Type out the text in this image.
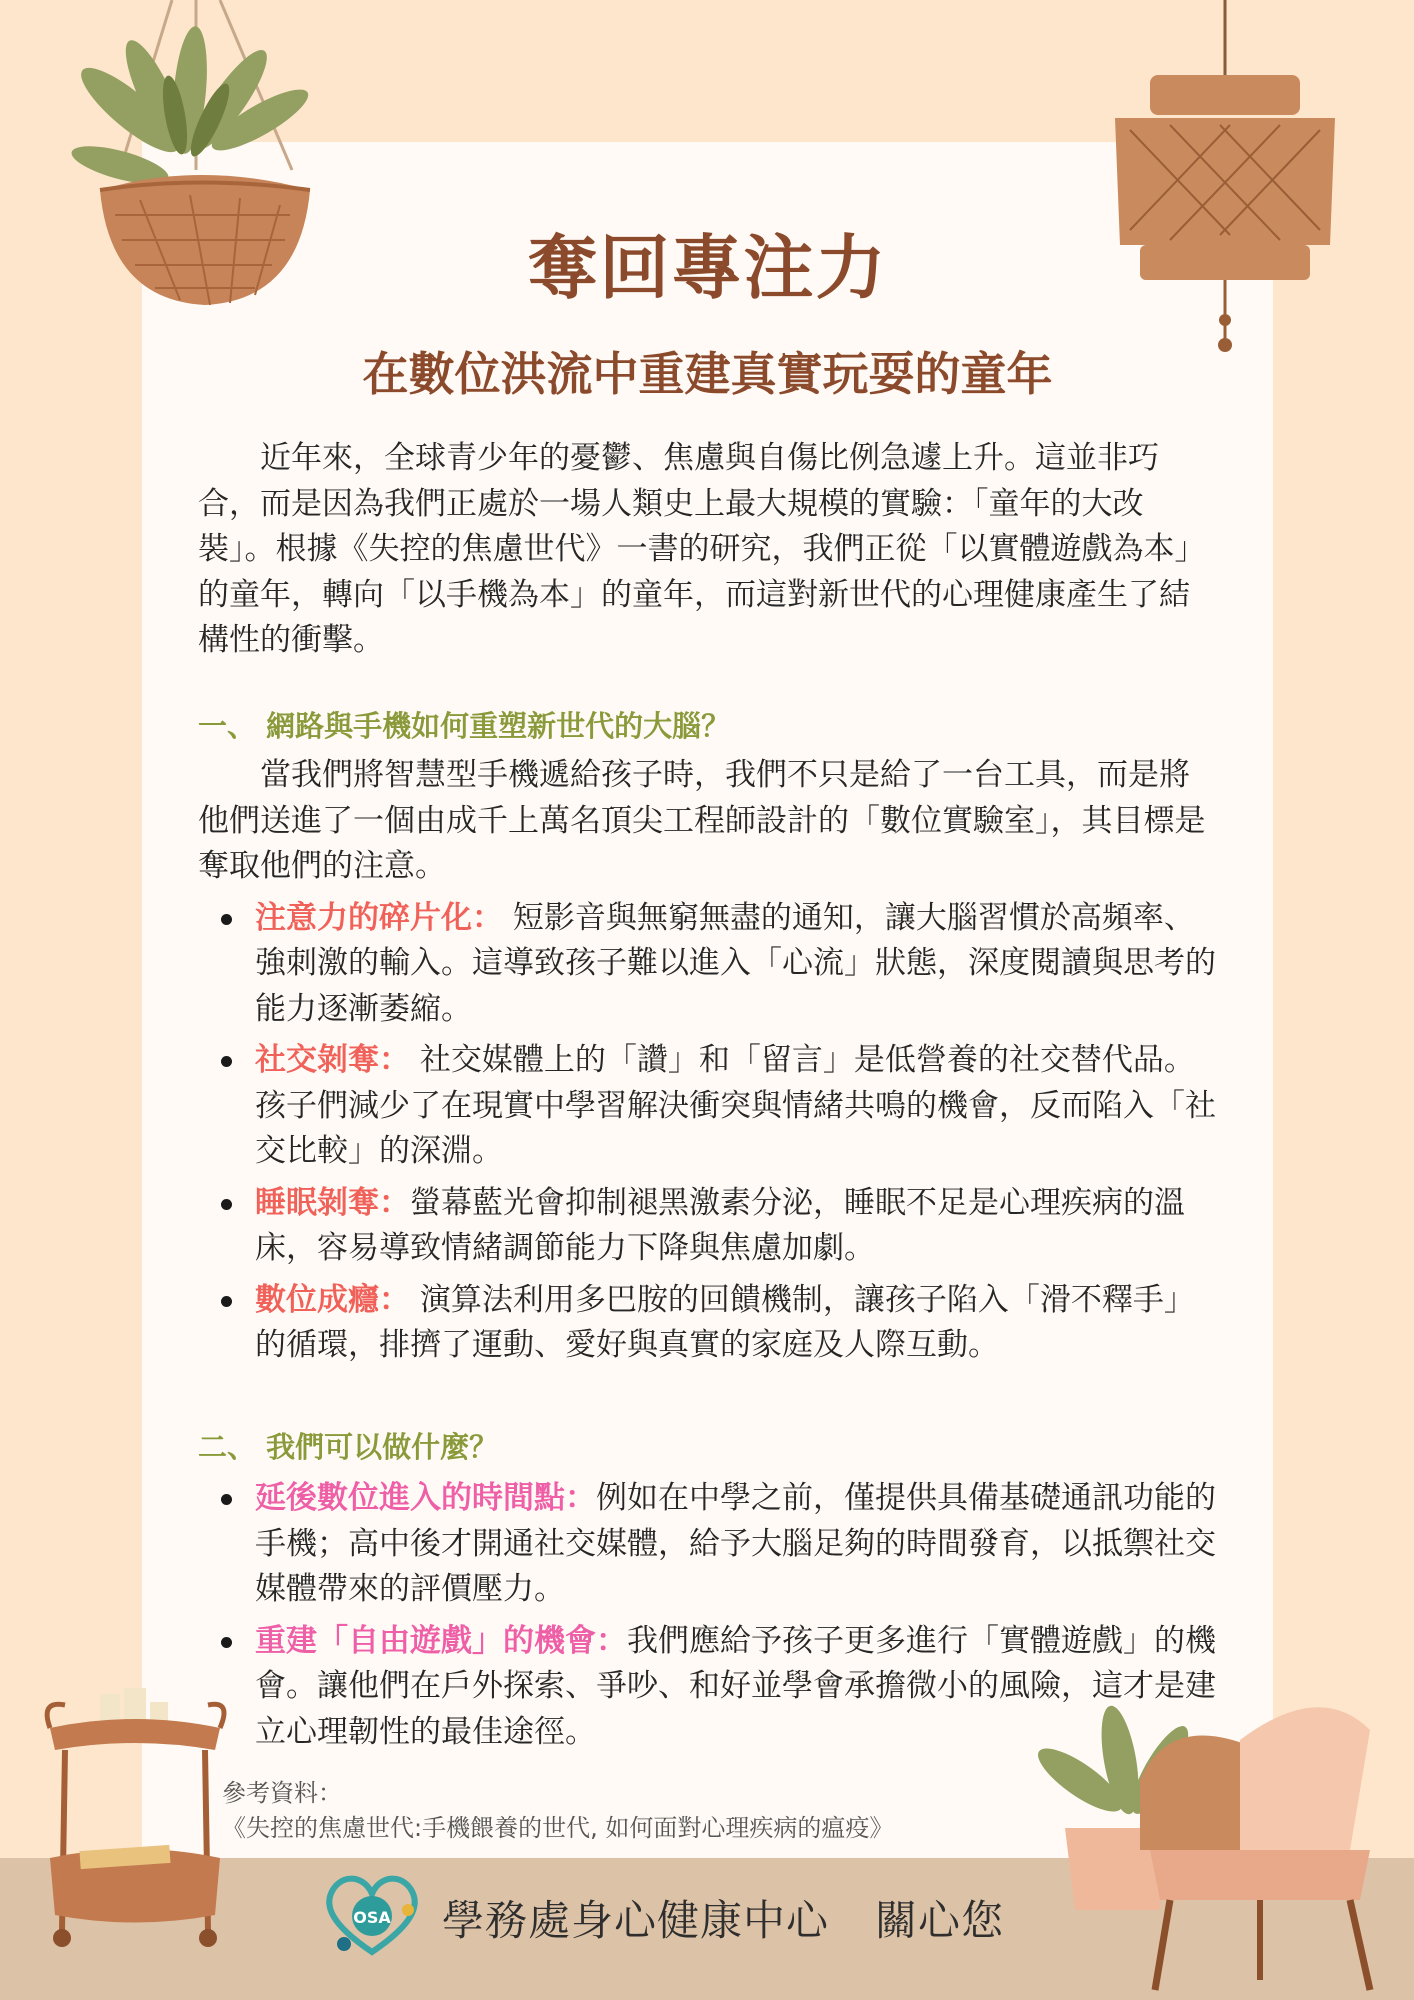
奪回專注力
在數位洪流中重建真實玩耍的童年

近年來，全球青少年的憂鬱、焦慮與自傷比例急遽上升。這並非巧合，而是因為我們正處於一場人類史上最大規模的實驗：「童年的大改裝」。根據《失控的焦慮世代》一書的研究，我們正從「以實體遊戲為本」的童年，轉向「以手機為本」的童年，而這對新世代的心理健康產生了結構性的衝擊。

一、 網路與手機如何重塑新世代的大腦？

當我們將智慧型手機遞給孩子時，我們不只是給了一台工具，而是將他們送進了一個由成千上萬名頂尖工程師設計的「數位實驗室」，其目標是奪取他們的注意。

注意力的碎片化： 短影音與無窮無盡的通知，讓大腦習慣於高頻率、強刺激的輸入。這導致孩子難以進入「心流」狀態，深度閱讀與思考的能力逐漸萎縮。
社交剝奪： 社交媒體上的「讚」和「留言」是低營養的社交替代品。孩子們減少了在現實中學習解決衝突與情緒共鳴的機會，反而陷入「社交比較」的深淵。
睡眠剝奪：螢幕藍光會抑制褪黑激素分泌，睡眠不足是心理疾病的溫床，容易導致情緒調節能力下降與焦慮加劇。
數位成癮： 演算法利用多巴胺的回饋機制，讓孩子陷入「滑不釋手」的循環，排擠了運動、愛好與真實的家庭及人際互動。

二、 我們可以做什麼？

延後數位進入的時間點：例如在中學之前，僅提供具備基礎通訊功能的手機；高中後才開通社交媒體，給予大腦足夠的時間發育，以抵禦社交媒體帶來的評價壓力。
重建「自由遊戲」的機會：我們應給予孩子更多進行「實體遊戲」的機會。讓他們在戶外探索、爭吵、和好並學會承擔微小的風險，這才是建立心理韌性的最佳途徑。
參考資料：
《失控的焦慮世代:手機餵養的世代, 如何面對心理疾病的瘟疫》
OSA 學務處身心健康中心 關心您
